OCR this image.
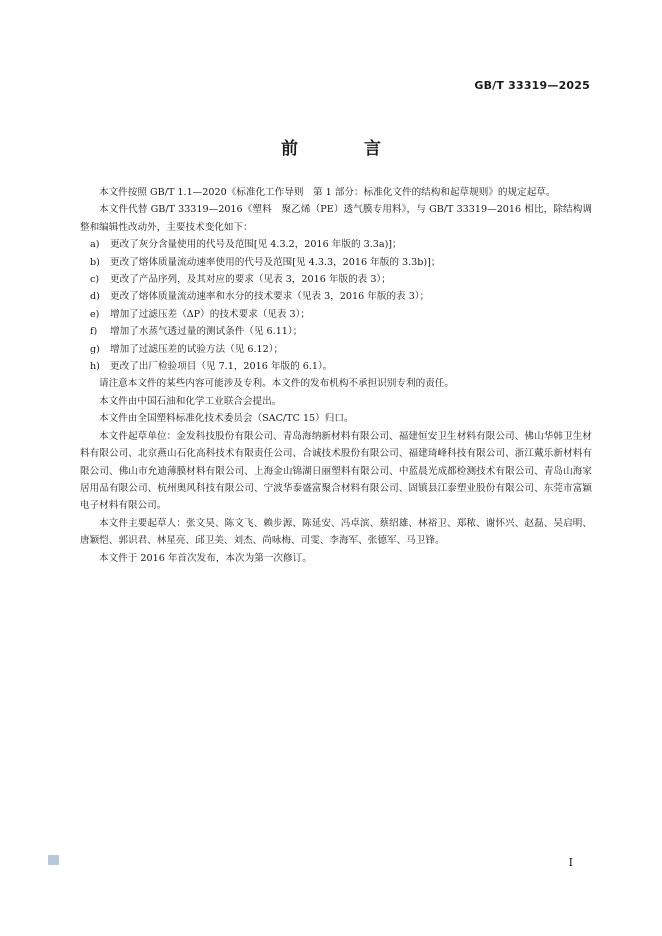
GB/T 33319—2025
前 言

本文件按照 GB/T 1.1—2020《标准化工作导则　第 1 部分：标准化文件的结构和起草规则》的规定起草。

本文件代替 GB/T 33319—2016《塑料　聚乙烯（PE）透气膜专用料》，与 GB/T 33319—2016 相比，除结构调整和编辑性改动外，主要技术变化如下：

a) 更改了灰分含量使用的代号及范围[见 4.3.2，2016 年版的 3.3a)]；

b) 更改了熔体质量流动速率使用的代号及范围[见 4.3.3，2016 年版的 3.3b)]；

c) 更改了产品序列，及其对应的要求（见表 3，2016 年版的表 3）；

d) 更改了熔体质量流动速率和水分的技术要求（见表 3，2016 年版的表 3）；

e) 增加了过滤压差（ΔP）的技术要求（见表 3）；

f) 增加了水蒸气透过量的测试条件（见 6.11）；

g) 增加了过滤压差的试验方法（见 6.12）；

h) 更改了出厂检验项目（见 7.1，2016 年版的 6.1）。

请注意本文件的某些内容可能涉及专利。本文件的发布机构不承担识别专利的责任。

本文件由中国石油和化学工业联合会提出。

本文件由全国塑料标准化技术委员会（SAC/TC 15）归口。

本文件起草单位：金发科技股份有限公司、青岛海纳新材料有限公司、福建恒安卫生材料有限公司、佛山华韩卫生材料有限公司、北京燕山石化高科技术有限责任公司、合诚技术股份有限公司、福建琦峰科技有限公司、浙江戴乐新材料有限公司、佛山市允迪薄膜材料有限公司、上海金山锦湖日丽塑料有限公司、中蓝晨光成都检测技术有限公司、青岛山海家居用品有限公司、杭州奥风科技有限公司、宁波华泰盛富聚合材料有限公司、固镇县江泰塑业股份有限公司、东莞市富颖电子材料有限公司。

本文件主要起草人：张文昊、陈文飞、赖步源、陈延安、冯卓滨、蔡绍雄、林裕卫、郑秾、谢怀兴、赵磊、吴启明、唐颖恺、郭识君、林星亮、邱卫美、刘杰、尚咏梅、司雯、李海军、张德军、马卫锋。

本文件于 2016 年首次发布，本次为第一次修订。

I
